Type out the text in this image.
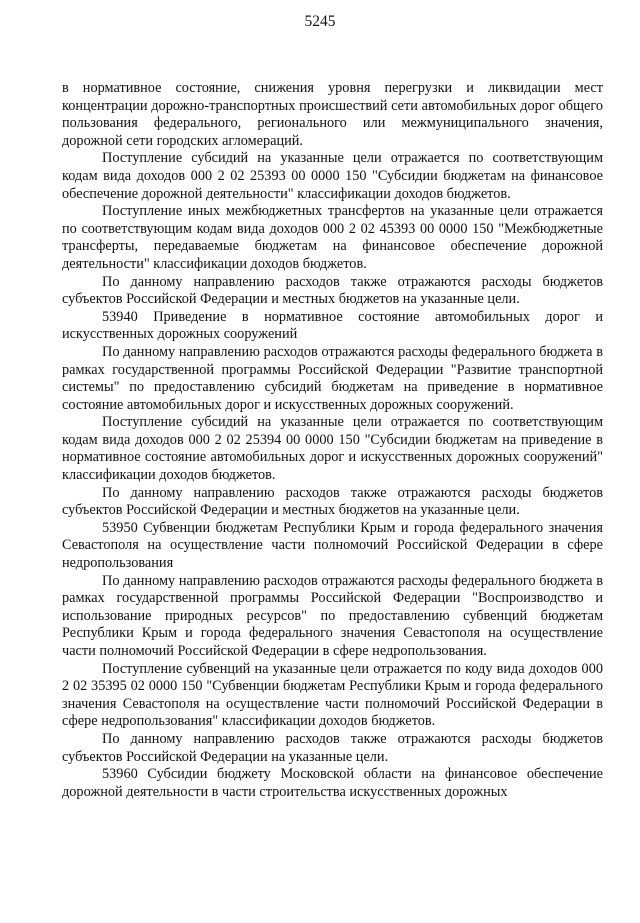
5245

в нормативное состояние, снижения уровня перегрузки и ликвидации мест концентрации дорожно-транспортных происшествий сети автомобильных дорог общего пользования федерального, регионального или межмуниципального значения, дорожной сети городских агломераций.

Поступление субсидий на указанные цели отражается по соответствующим кодам вида доходов 000 2 02 25393 00 0000 150 "Субсидии бюджетам на финансовое обеспечение дорожной деятельности" классификации доходов бюджетов.

Поступление иных межбюджетных трансфертов на указанные цели отражается по соответствующим кодам вида доходов 000 2 02 45393 00 0000 150 "Межбюджетные трансферты, передаваемые бюджетам на финансовое обеспечение дорожной деятельности" классификации доходов бюджетов.

По данному направлению расходов также отражаются расходы бюджетов субъектов Российской Федерации и местных бюджетов на указанные цели.

53940 Приведение в нормативное состояние автомобильных дорог и искусственных дорожных сооружений

По данному направлению расходов отражаются расходы федерального бюджета в рамках государственной программы Российской Федерации "Развитие транспортной системы" по предоставлению субсидий бюджетам на приведение в нормативное состояние автомобильных дорог и искусственных дорожных сооружений.

Поступление субсидий на указанные цели отражается по соответствующим кодам вида доходов 000 2 02 25394 00 0000 150 "Субсидии бюджетам на приведение в нормативное состояние автомобильных дорог и искусственных дорожных сооружений" классификации доходов бюджетов.

По данному направлению расходов также отражаются расходы бюджетов субъектов Российской Федерации и местных бюджетов на указанные цели.

53950 Субвенции бюджетам Республики Крым и города федерального значения Севастополя на осуществление части полномочий Российской Федерации в сфере недропользования

По данному направлению расходов отражаются расходы федерального бюджета в рамках государственной программы Российской Федерации "Воспроизводство и использование природных ресурсов" по предоставлению субвенций бюджетам Республики Крым и города федерального значения Севастополя на осуществление части полномочий Российской Федерации в сфере недропользования.

Поступление субвенций на указанные цели отражается по коду вида доходов 000 2 02 35395 02 0000 150 "Субвенции бюджетам Республики Крым и города федерального значения Севастополя на осуществление части полномочий Российской Федерации в сфере недропользования" классификации доходов бюджетов.

По данному направлению расходов также отражаются расходы бюджетов субъектов Российской Федерации на указанные цели.

53960 Субсидии бюджету Московской области на финансовое обеспечение дорожной деятельности в части строительства искусственных дорожных
